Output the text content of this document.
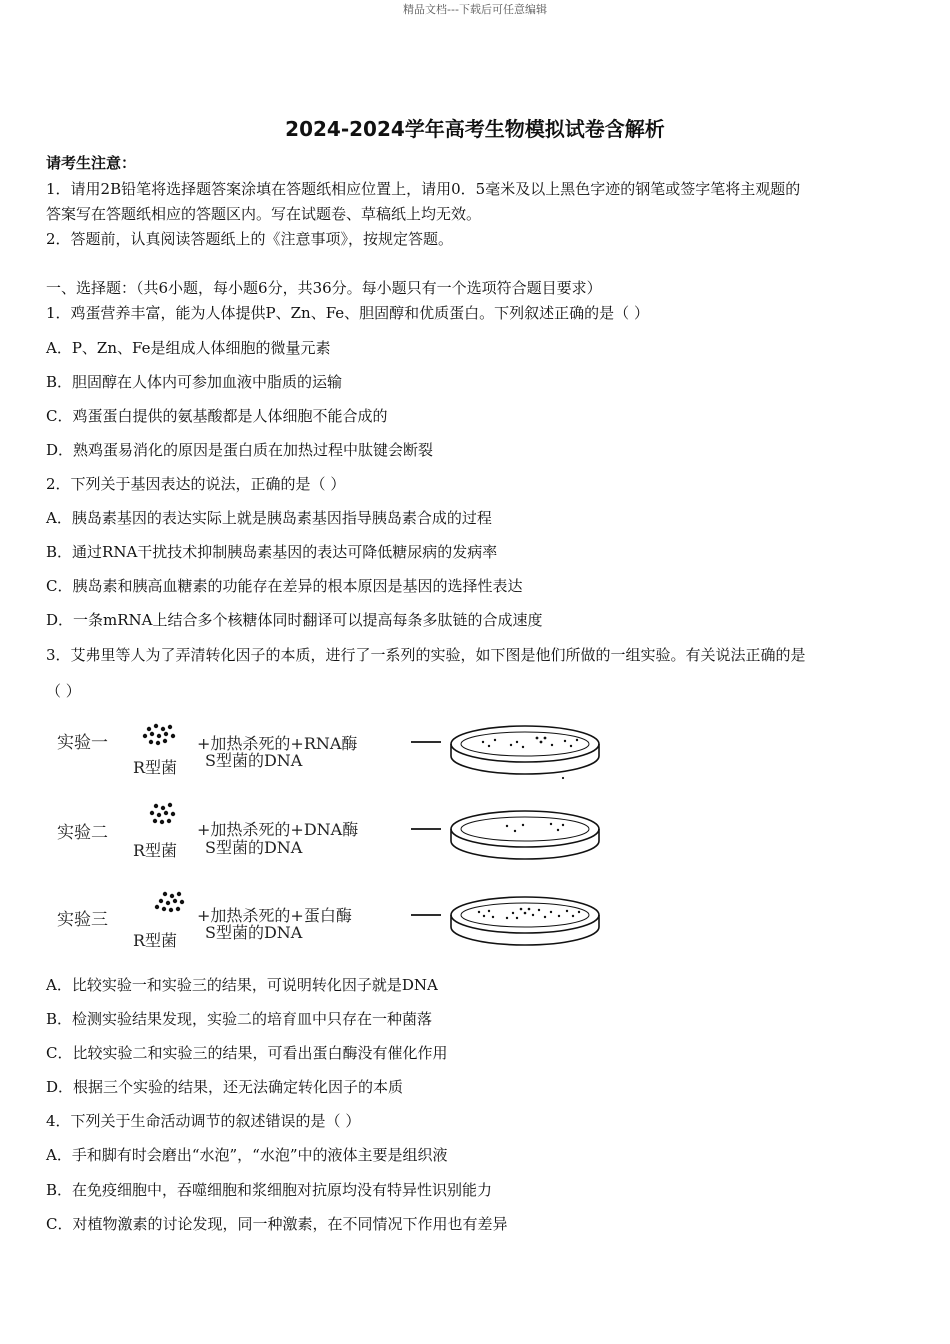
精品文档---下载后可任意编辑
2024-2024学年高考生物模拟试卷含解析
请考生注意：
1．请用2B铅笔将选择题答案涂填在答题纸相应位置上，请用0．5毫米及以上黑色字迹的钢笔或签字笔将主观题的
答案写在答题纸相应的答题区内。写在试题卷、草稿纸上均无效。
2．答题前，认真阅读答题纸上的《注意事项》，按规定答题。
一、选择题：（共6小题，每小题6分，共36分。每小题只有一个选项符合题目要求）
1．鸡蛋营养丰富，能为人体提供P、Zn、Fe、胆固醇和优质蛋白。下列叙述正确的是（ ）
A．P、Zn、Fe是组成人体细胞的微量元素
B．胆固醇在人体内可参加血液中脂质的运输
C．鸡蛋蛋白提供的氨基酸都是人体细胞不能合成的
D．熟鸡蛋易消化的原因是蛋白质在加热过程中肽键会断裂
2．下列关于基因表达的说法，正确的是（ ）
A．胰岛素基因的表达实际上就是胰岛素基因指导胰岛素合成的过程
B．通过RNA干扰技术抑制胰岛素基因的表达可降低糖尿病的发病率
C．胰岛素和胰高血糖素的功能存在差异的根本原因是基因的选择性表达
D．一条mRNA上结合多个核糖体同时翻译可以提高每条多肽链的合成速度
3．艾弗里等人为了弄清转化因子的本质，进行了一系列的实验，如下图是他们所做的一组实验。有关说法正确的是
（ ）
实验一
R型菌
+加热杀死的+RNA酶
S型菌的DNA
实验二
R型菌
+加热杀死的+DNA酶
S型菌的DNA
实验三
R型菌
+加热杀死的+蛋白酶
S型菌的DNA
A．比较实验一和实验三的结果，可说明转化因子就是DNA
B．检测实验结果发现，实验二的培育皿中只存在一种菌落
C．比较实验二和实验三的结果，可看出蛋白酶没有催化作用
D．根据三个实验的结果，还无法确定转化因子的本质
4．下列关于生命活动调节的叙述错误的是（ ）
A．手和脚有时会磨出“水泡”，“水泡”中的液体主要是组织液
B．在免疫细胞中，吞噬细胞和浆细胞对抗原均没有特异性识别能力
C．对植物激素的讨论发现，同一种激素，在不同情况下作用也有差异
